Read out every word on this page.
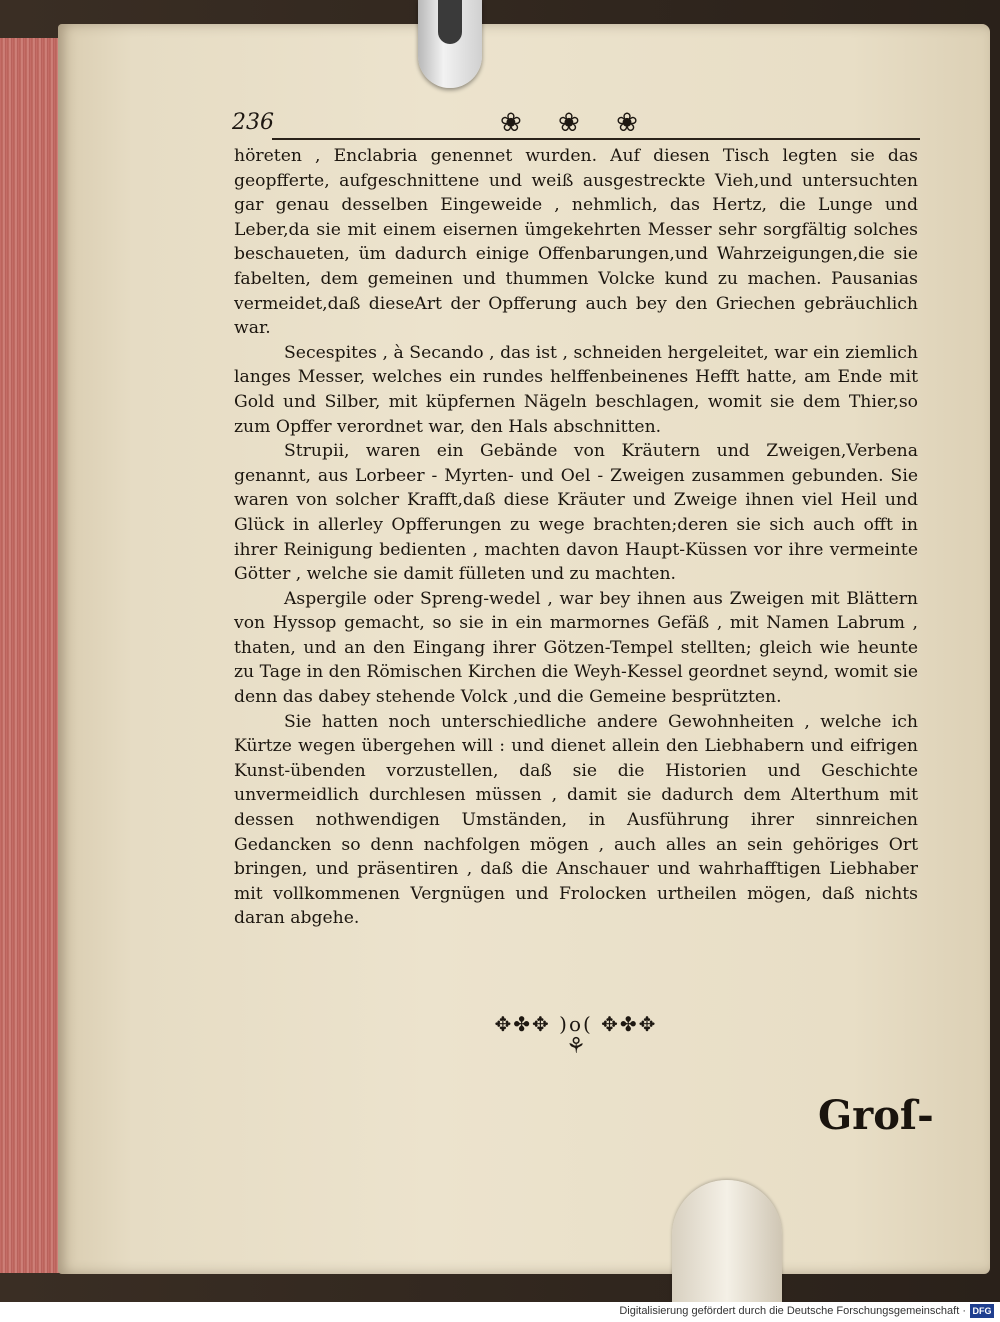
236	❀ ❀ ❀

höreten , Enclabria genennet wurden. Auf diesen Tisch legten sie das geopfferte, aufgeschnittene und weiß ausgestreckte Vieh,und untersuchten gar genau desselben Eingeweide , nehmlich, das Hertz, die Lunge und Leber,da sie mit einem eisernen ümgekehrten Messer sehr sorgfältig solches beschaueten, üm dadurch einige Offenbarungen,und Wahrzeigungen,die sie fabelten, dem gemeinen und thummen Volcke kund zu machen. Pausanias vermeidet,daß dieseArt der Opfferung auch bey den Griechen gebräuchlich war.

Secespites , à Secando , das ist , schneiden hergeleitet, war ein ziemlich langes Messer, welches ein rundes helffenbeinenes Hefft hatte, am Ende mit Gold und Silber, mit küpfernen Nägeln beschlagen, womit sie dem Thier,so zum Opffer verordnet war, den Hals abschnitten.

Strupii, waren ein Gebände von Kräutern und Zweigen,Verbena genannt, aus Lorbeer - Myrten- und Oel - Zweigen zusammen gebunden. Sie waren von solcher Krafft,daß diese Kräuter und Zweige ihnen viel Heil und Glück in allerley Opfferungen zu wege brachten;deren sie sich auch offt in ihrer Reinigung bedienten , machten davon Haupt-Küssen vor ihre vermeinte Götter , welche sie damit fülleten und zu machten.

Aspergile oder Spreng-wedel , war bey ihnen aus Zweigen mit Blättern von Hyssop gemacht, so sie in ein marmornes Gefäß , mit Namen Labrum , thaten, und an den Eingang ihrer Götzen-Tempel stellten; gleich wie heunte zu Tage in den Römischen Kirchen die Weyh-Kessel geordnet seynd, womit sie denn das dabey stehende Volck ,und die Gemeine besprützten.

Sie hatten noch unterschiedliche andere Gewohnheiten , welche ich Kürtze wegen übergehen will : und dienet allein den Liebhabern und eifrigen Kunst-übenden vorzustellen, daß sie die Historien und Geschichte unvermeidlich durchlesen müssen , damit sie dadurch dem Alterthum mit dessen nothwendigen Umständen, in Ausführung ihrer sinnreichen Gedancken so denn nachfolgen mögen , auch alles an sein gehöriges Ort bringen, und präsentiren , daß die Anschauer und wahrhafftigen Liebhaber mit vollkommenen Vergnügen und Frolocken urtheilen mögen, daß nichts daran abgehe.

✥✤✥ )o( ✥✤✥
⚘
Groſ-
Digitalisierung gefördert durch die Deutsche Forschungsgemeinschaft · DFG
